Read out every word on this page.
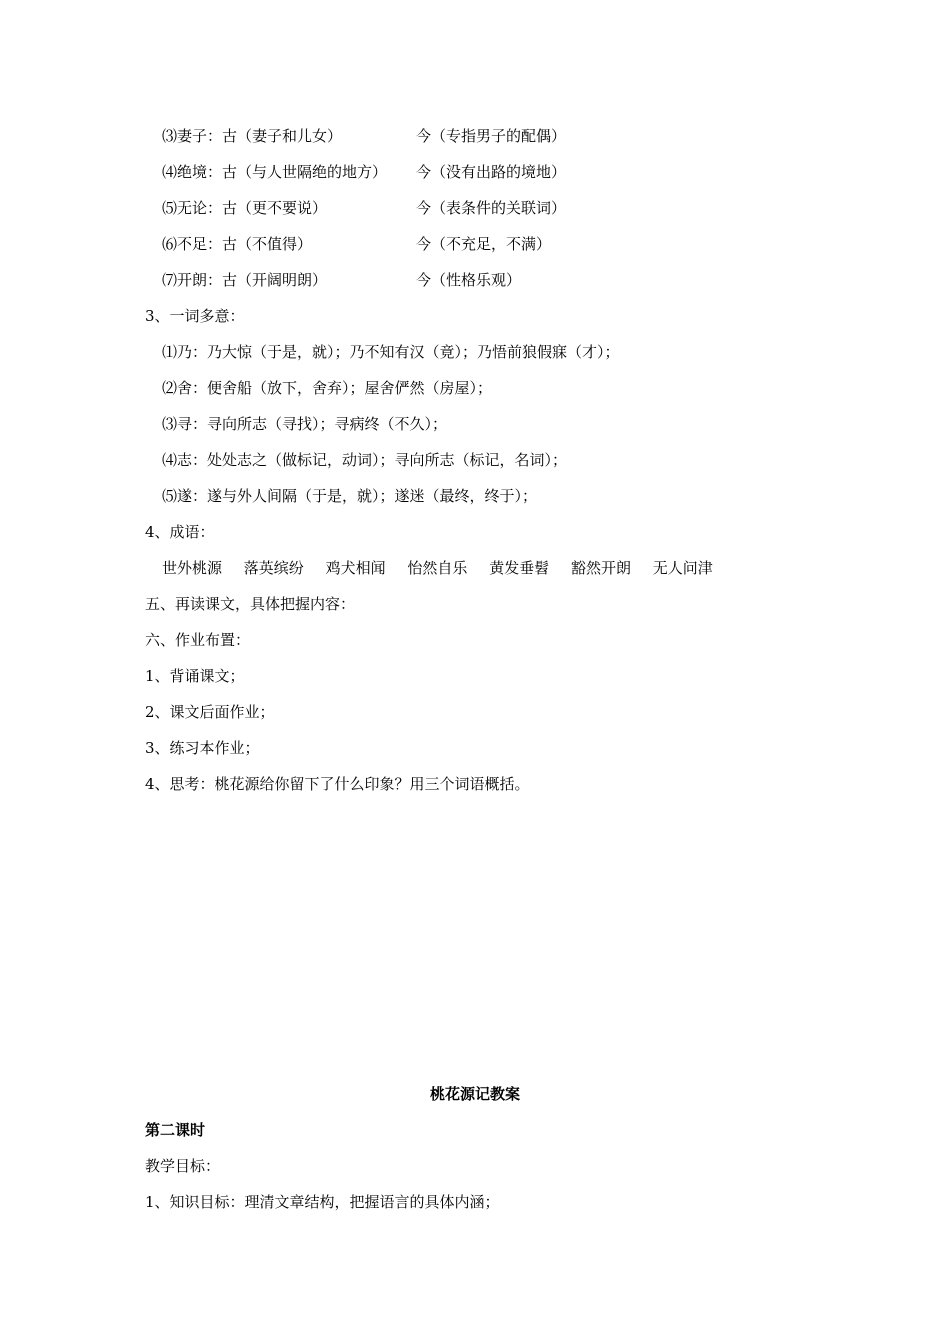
⑶妻子：古（妻子和儿女）	今（专指男子的配偶）
⑷绝境：古（与人世隔绝的地方） 今（没有出路的境地）
⑸无论：古（更不要说）	今（表条件的关联词）
⑹不足：古（不值得）	今（不充足，不满）
⑺开朗：古（开阔明朗）	今（性格乐观）
3、一词多意：
⑴乃：乃大惊（于是，就）；乃不知有汉（竟）；乃悟前狼假寐（才）；
⑵舍：便舍船（放下，舍弃）；屋舍俨然（房屋）；
⑶寻：寻向所志（寻找）；寻病终（不久）；
⑷志：处处志之（做标记，动词）；寻向所志（标记，名词）；
⑸遂：遂与外人间隔（于是，就）；遂迷（最终，终于）；
4、成语：
世外桃源 落英缤纷 鸡犬相闻 怡然自乐 黄发垂髫 豁然开朗 无人问津
五、再读课文，具体把握内容：
六、作业布置：
1、背诵课文；
2、课文后面作业；
3、练习本作业；
4、思考：桃花源给你留下了什么印象？用三个词语概括。
桃花源记教案
第二课时
教学目标：
1、知识目标：理清文章结构，把握语言的具体内涵；
